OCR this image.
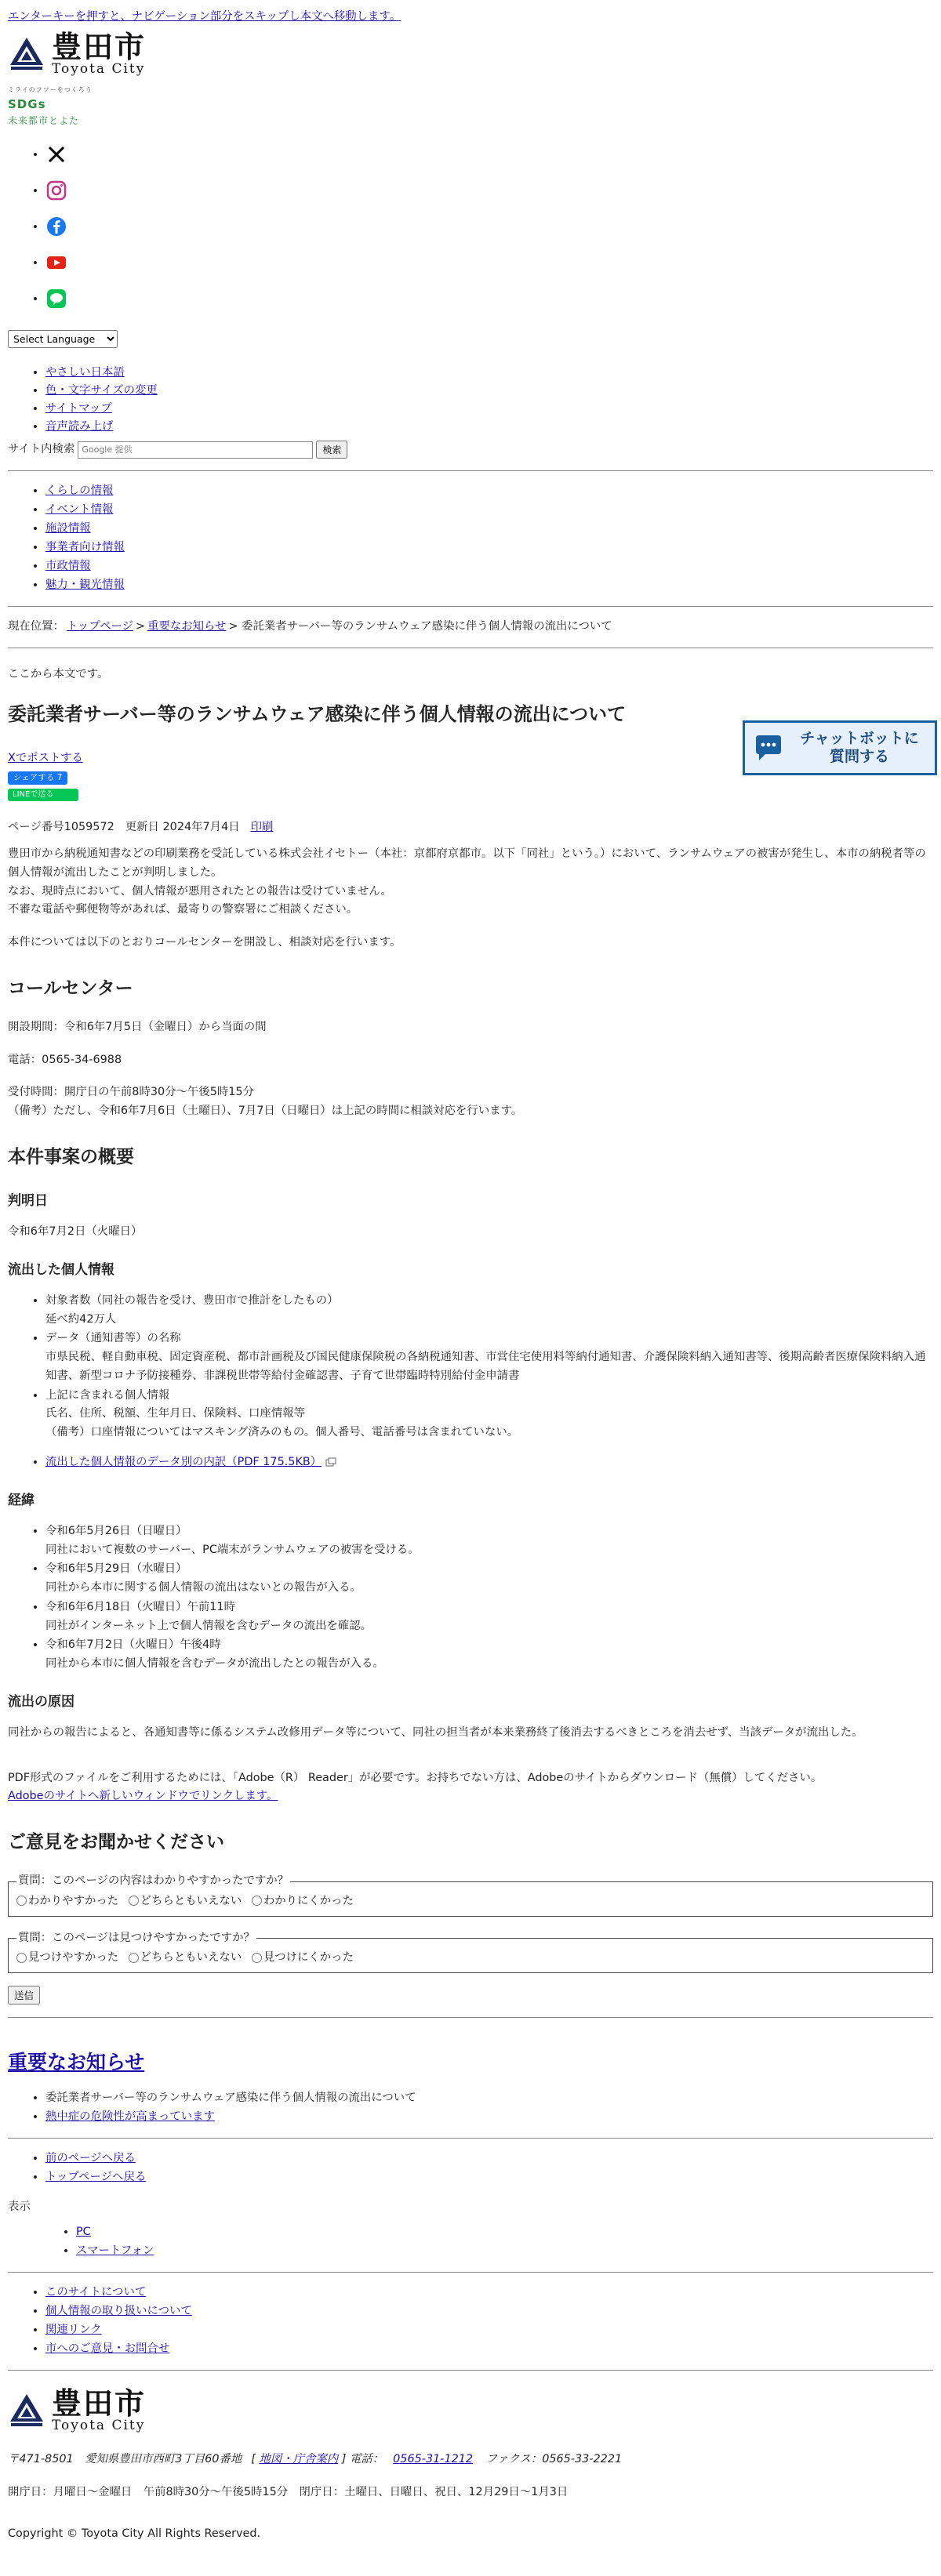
エンターキーを押すと、ナビゲーション部分をスキップし本文へ移動します。
豊田市
Toyota City
ミライのフツーをつくろう
SDGs
未来都市とよた
•
•
•
•
•
Select Language
• やさしい日本語
• 色・文字サイズの変更
• サイトマップ
• 音声読み上げ
サイト内検索
Google 提供	検索
• くらしの情報
• イベント情報
• 施設情報
• 事業者向け情報
• 市政情報
• 魅力・観光情報
現在位置： トップページ > 重要なお知らせ > 委託業者サーバー等のランサムウェア感染に伴う個人情報の流出について
ここから本文です。
委託業者サーバー等のランサムウェア感染に伴う個人情報の流出について
チャットボットに
質問する
Xでポストする
シェアする 7
LINEで送る
ページ番号1059572 更新日 2024年7月4日 印刷

豊田市から納税通知書などの印刷業務を受託している株式会社イセトー（本社：京都府京都市。以下「同社」という。）において、ランサムウェアの被害が発生し、本市の納税者等の個人情報が流出したことが判明しました。

なお、現時点において、個人情報が悪用されたとの報告は受けていません。
不審な電話や郵便物等があれば、最寄りの警察署にご相談ください。

本件については以下のとおりコールセンターを開設し、相談対応を行います。

コールセンター

開設期間：令和6年7月5日（金曜日）から当面の間

電話：0565-34-6988

受付時間：開庁日の午前8時30分～午後5時15分

（備考）ただし、令和6年7月6日（土曜日）、7月7日（日曜日）は上記の時間に相談対応を行います。
本件事案の概要
判明日

令和6年7月2日（火曜日）

流出した個人情報
• 対象者数（同社の報告を受け、豊田市で推計をしたもの）
延べ約42万人
• データ（通知書等）の名称
市県民税、軽自動車税、固定資産税、都市計画税及び国民健康保険税の各納税通知書、市営住宅使用料等納付通知書、介護保険料納入通知書等、後期高齢者医療保険料納入通知書、新型コロナ予防接種券、非課税世帯等給付金確認書、子育て世帯臨時特別給付金申請書
• 上記に含まれる個人情報
氏名、住所、税額、生年月日、保険料、口座情報等
（備考）口座情報についてはマスキング済みのもの。個人番号、電話番号は含まれていない。
• 流出した個人情報のデータ別の内訳（PDF 175.5KB）
経緯
• 令和6年5月26日（日曜日）
同社において複数のサーバー、PC端末がランサムウェアの被害を受ける。
• 令和6年5月29日（水曜日）
同社から本市に関する個人情報の流出はないとの報告が入る。
• 令和6年6月18日（火曜日）午前11時
同社がインターネット上で個人情報を含むデータの流出を確認。
• 令和6年7月2日（火曜日）午後4時
同社から本市に個人情報を含むデータが流出したとの報告が入る。
流出の原因

同社からの報告によると、各通知書等に係るシステム改修用データ等について、同社の担当者が本来業務終了後消去するべきところを消去せず、当該データが流出した。

PDF形式のファイルをご利用するためには、「Adobe（R） Reader」が必要です。お持ちでない方は、Adobeのサイトからダウンロード（無償）してください。

Adobeのサイトへ新しいウィンドウでリンクします。
ご意見をお聞かせください
質問：このページの内容はわかりやすかったですか？
わかりやすかった どちらともいえない わかりにくかった
質問：このページは見つけやすかったですか？
見つけやすかった どちらともいえない 見つけにくかった
送信
重要なお知らせ
• 委託業者サーバー等のランサムウェア感染に伴う個人情報の流出について
• 熱中症の危険性が高まっています
• 前のページへ戻る
• トップページへ戻る
表示
• PC
• スマートフォン
• このサイトについて
• 個人情報の取り扱いについて
• 関連リンク
• 市へのご意見・お問合せ
豊田市
Toyota City
〒471-8501　愛知県豊田市西町3丁目60番地 [ 地図・庁舎案内 ] 電話： 0565-31-1212 ファクス：0565-33-2221
開庁日：月曜日～金曜日　午前8時30分～午後5時15分　閉庁日：土曜日、日曜日、祝日、12月29日～1月3日
Copyright © Toyota City All Rights Reserved.
